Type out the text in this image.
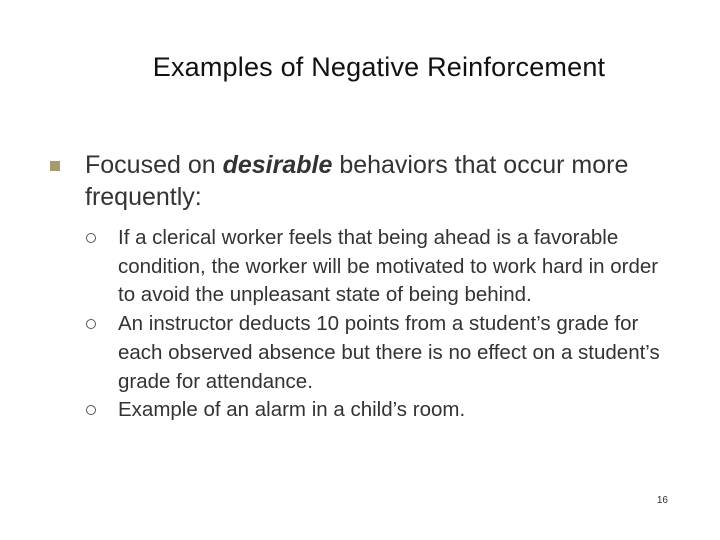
Examples of Negative Reinforcement
Focused on desirable behaviors that occur more frequently:
If a clerical worker feels that being ahead is a favorable condition, the worker will be motivated to work hard in order to avoid the unpleasant state of being behind.
An instructor deducts 10 points from a student’s grade for each observed absence but there is no effect on a student’s grade for attendance.
Example of an alarm in a child’s room.
16
